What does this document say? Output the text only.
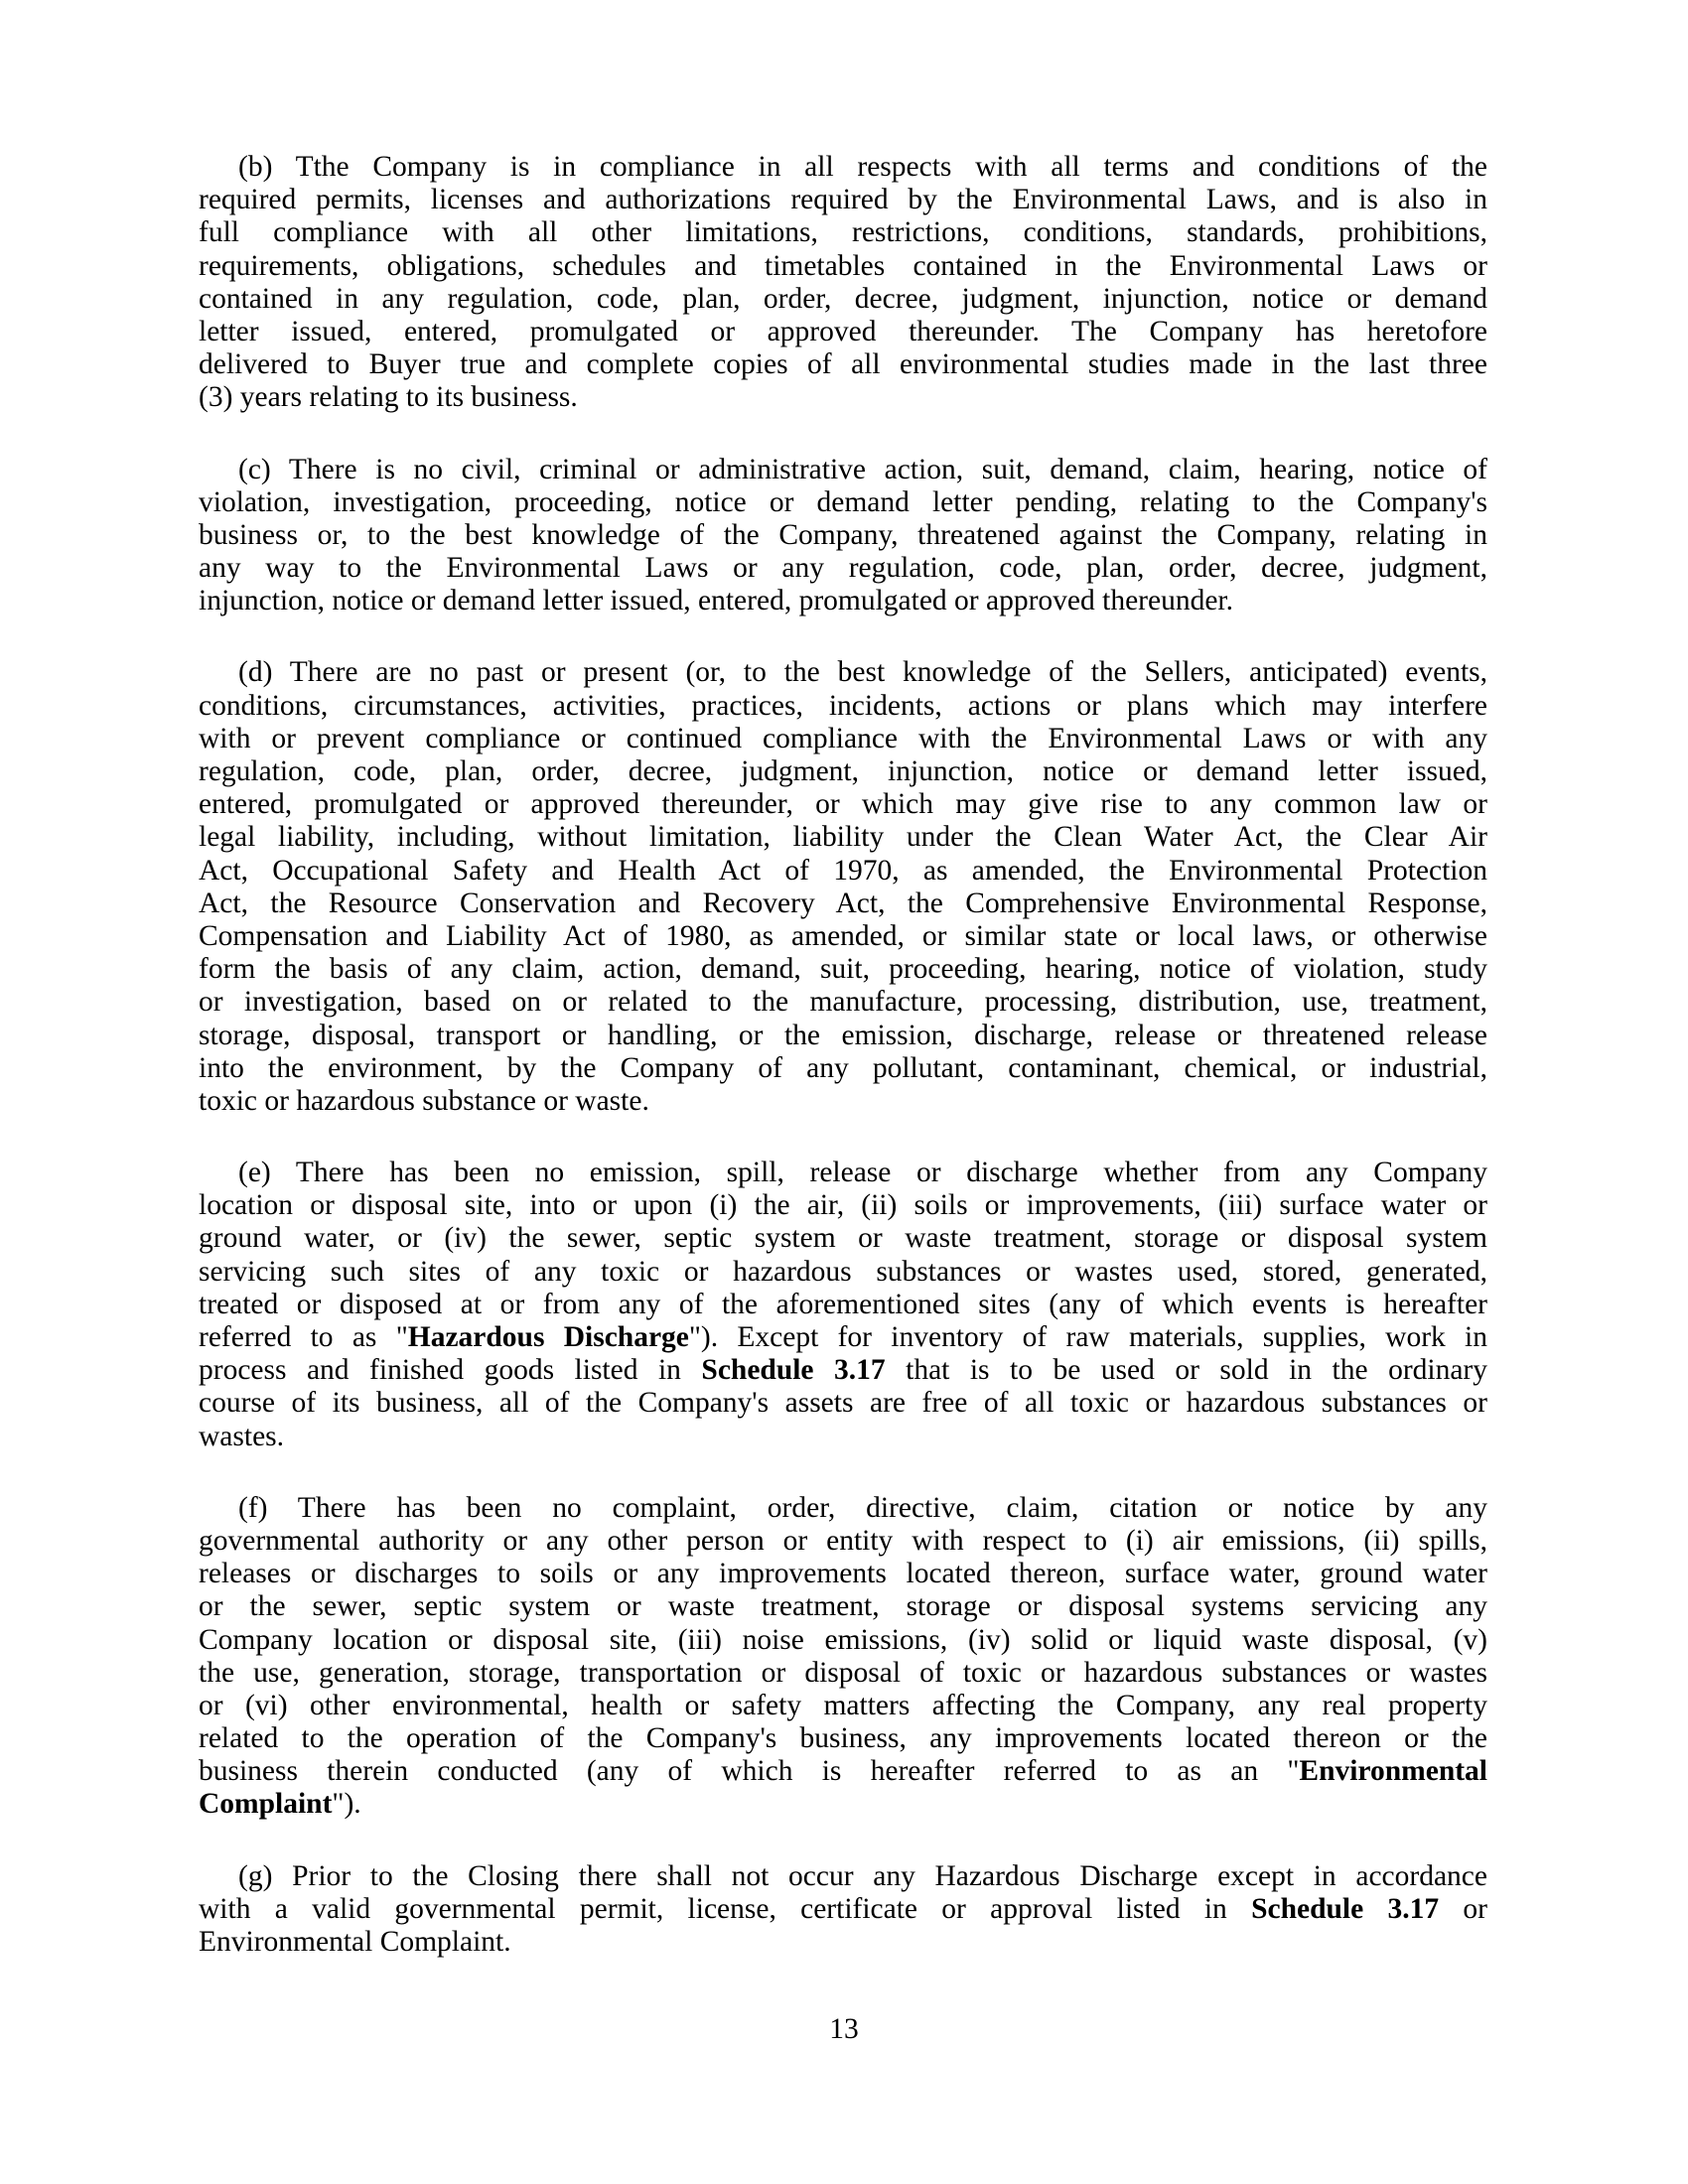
(b) Tthe Company is in compliance in all respects with all terms and conditions of the
required permits, licenses and authorizations required by the Environmental Laws, and is also in
full compliance with all other limitations, restrictions, conditions, standards, prohibitions,
requirements, obligations, schedules and timetables contained in the Environmental Laws or
contained in any regulation, code, plan, order, decree, judgment, injunction, notice or demand
letter issued, entered, promulgated or approved thereunder. The Company has heretofore
delivered to Buyer true and complete copies of all environmental studies made in the last three
(3) years relating to its business.
(c) There is no civil, criminal or administrative action, suit, demand, claim, hearing, notice of
violation, investigation, proceeding, notice or demand letter pending, relating to the Company's
business or, to the best knowledge of the Company, threatened against the Company, relating in
any way to the Environmental Laws or any regulation, code, plan, order, decree, judgment,
injunction, notice or demand letter issued, entered, promulgated or approved thereunder.
(d) There are no past or present (or, to the best knowledge of the Sellers, anticipated) events,
conditions, circumstances, activities, practices, incidents, actions or plans which may interfere
with or prevent compliance or continued compliance with the Environmental Laws or with any
regulation, code, plan, order, decree, judgment, injunction, notice or demand letter issued,
entered, promulgated or approved thereunder, or which may give rise to any common law or
legal liability, including, without limitation, liability under the Clean Water Act, the Clear Air
Act, Occupational Safety and Health Act of 1970, as amended, the Environmental Protection
Act, the Resource Conservation and Recovery Act, the Comprehensive Environmental Response,
Compensation and Liability Act of 1980, as amended, or similar state or local laws, or otherwise
form the basis of any claim, action, demand, suit, proceeding, hearing, notice of violation, study
or investigation, based on or related to the manufacture, processing, distribution, use, treatment,
storage, disposal, transport or handling, or the emission, discharge, release or threatened release
into the environment, by the Company of any pollutant, contaminant, chemical, or industrial,
toxic or hazardous substance or waste.
(e) There has been no emission, spill, release or discharge whether from any Company
location or disposal site, into or upon (i) the air, (ii) soils or improvements, (iii) surface water or
ground water, or (iv) the sewer, septic system or waste treatment, storage or disposal system
servicing such sites of any toxic or hazardous substances or wastes used, stored, generated,
treated or disposed at or from any of the aforementioned sites (any of which events is hereafter
referred to as "Hazardous Discharge"). Except for inventory of raw materials, supplies, work in
process and finished goods listed in Schedule 3.17 that is to be used or sold in the ordinary
course of its business, all of the Company's assets are free of all toxic or hazardous substances or
wastes.
(f) There has been no complaint, order, directive, claim, citation or notice by any
governmental authority or any other person or entity with respect to (i) air emissions, (ii) spills,
releases or discharges to soils or any improvements located thereon, surface water, ground water
or the sewer, septic system or waste treatment, storage or disposal systems servicing any
Company location or disposal site, (iii) noise emissions, (iv) solid or liquid waste disposal, (v)
the use, generation, storage, transportation or disposal of toxic or hazardous substances or wastes
or (vi) other environmental, health or safety matters affecting the Company, any real property
related to the operation of the Company's business, any improvements located thereon or the
business therein conducted (any of which is hereafter referred to as an "Environmental
Complaint").
(g) Prior to the Closing there shall not occur any Hazardous Discharge except in accordance
with a valid governmental permit, license, certificate or approval listed in Schedule 3.17 or
Environmental Complaint.
13
